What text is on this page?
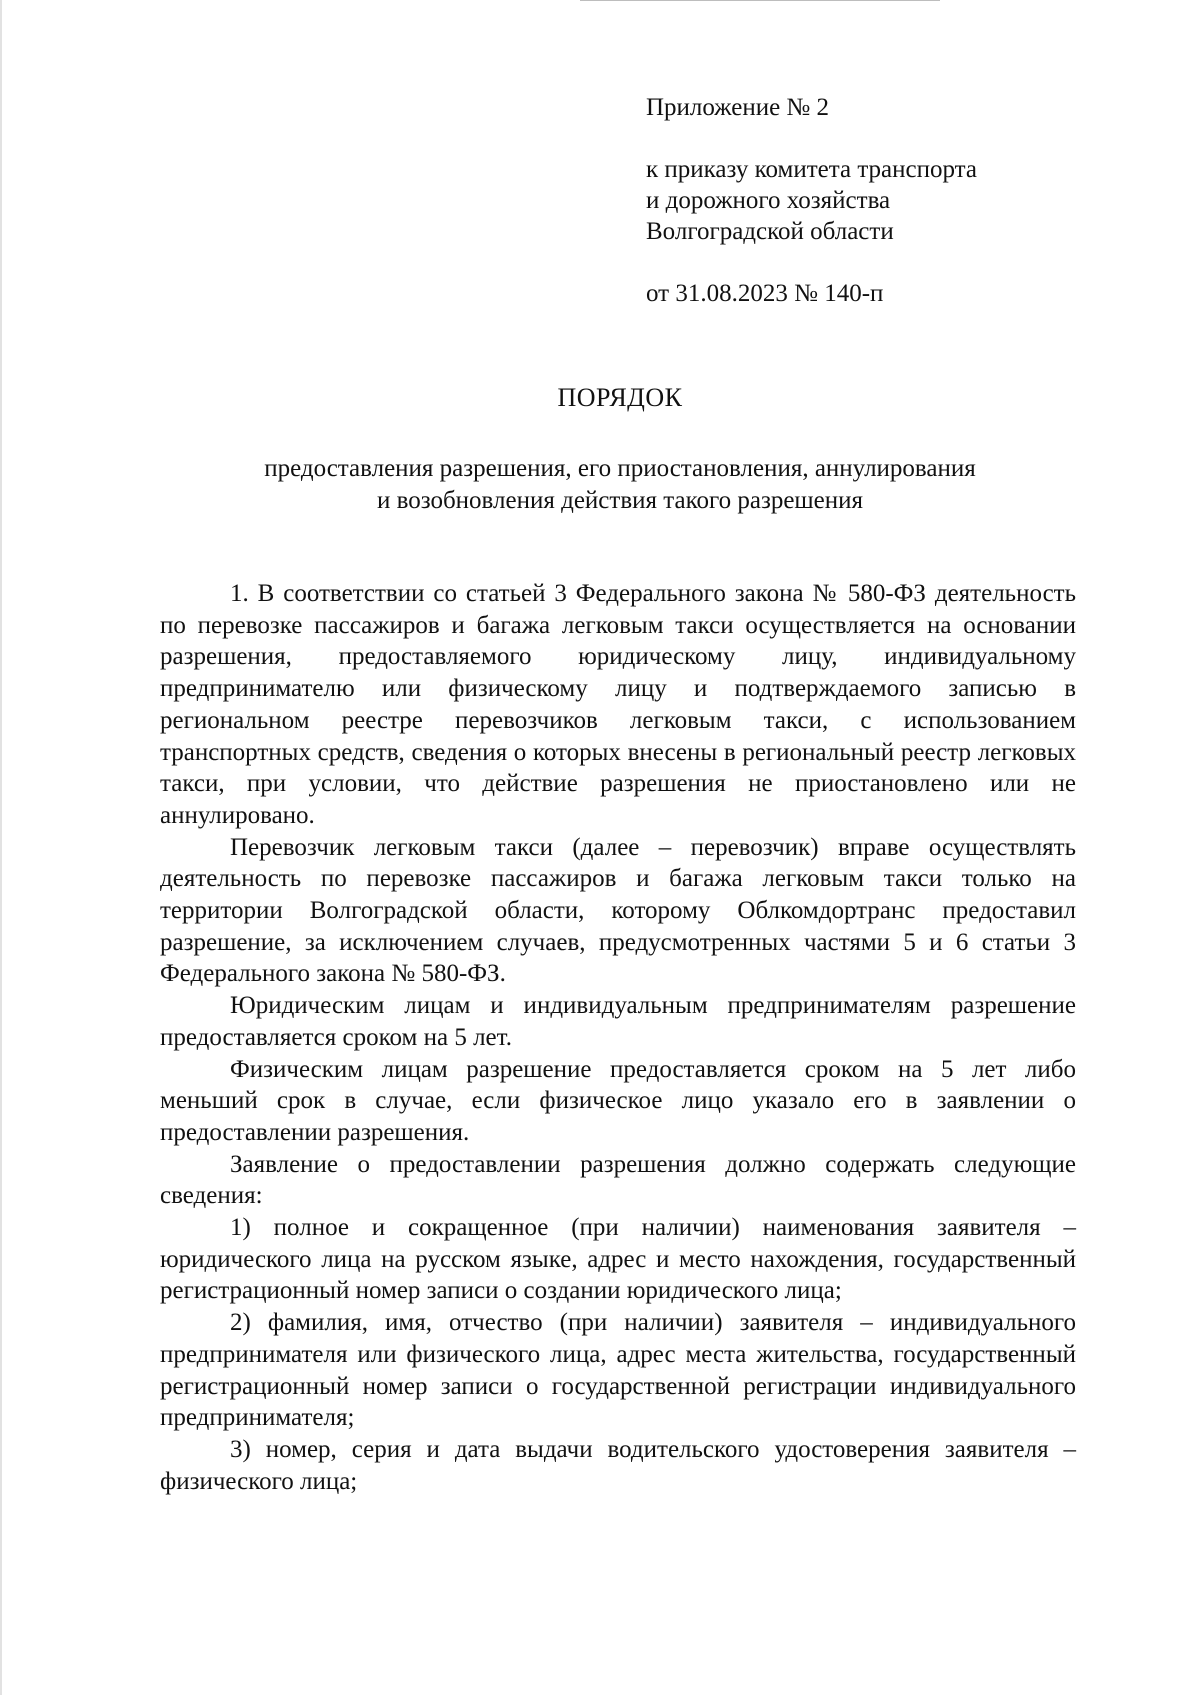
Приложение № 2
к приказу комитета транспорта
и дорожного хозяйства
Волгоградской области
от 31.08.2023 № 140-п
ПОРЯДОК
предоставления разрешения, его приостановления, аннулирования
и возобновления действия такого разрешения

1. В соответствии со статьей 3 Федерального закона № 580-ФЗ деятельность по перевозке пассажиров и багажа легковым такси осуществляется на основании разрешения, предоставляемого юридическому лицу, индивидуальному предпринимателю или физическому лицу и подтверждаемого записью в региональном реестре перевозчиков легковым такси, с использованием транспортных средств, сведения о которых внесены в региональный реестр легковых такси, при условии, что действие разрешения не приостановлено или не аннулировано.

Перевозчик легковым такси (далее – перевозчик) вправе осуществлять деятельность по перевозке пассажиров и багажа легковым такси только на территории Волгоградской области, которому Облкомдортранс предоставил разрешение, за исключением случаев, предусмотренных частями 5 и 6 статьи 3 Федерального закона № 580-ФЗ.

Юридическим лицам и индивидуальным предпринимателям разрешение предоставляется сроком на 5 лет.

Физическим лицам разрешение предоставляется сроком на 5 лет либо меньший срок в случае, если физическое лицо указало его в заявлении о предоставлении разрешения.

Заявление о предоставлении разрешения должно содержать следующие сведения:

1) полное и сокращенное (при наличии) наименования заявителя – юридического лица на русском языке, адрес и место нахождения, государственный регистрационный номер записи о создании юридического лица;

2) фамилия, имя, отчество (при наличии) заявителя – индивидуального предпринимателя или физического лица, адрес места жительства, государственный регистрационный номер записи о государственной регистрации индивидуального предпринимателя;

3) номер, серия и дата выдачи водительского удостоверения заявителя – физического лица;
